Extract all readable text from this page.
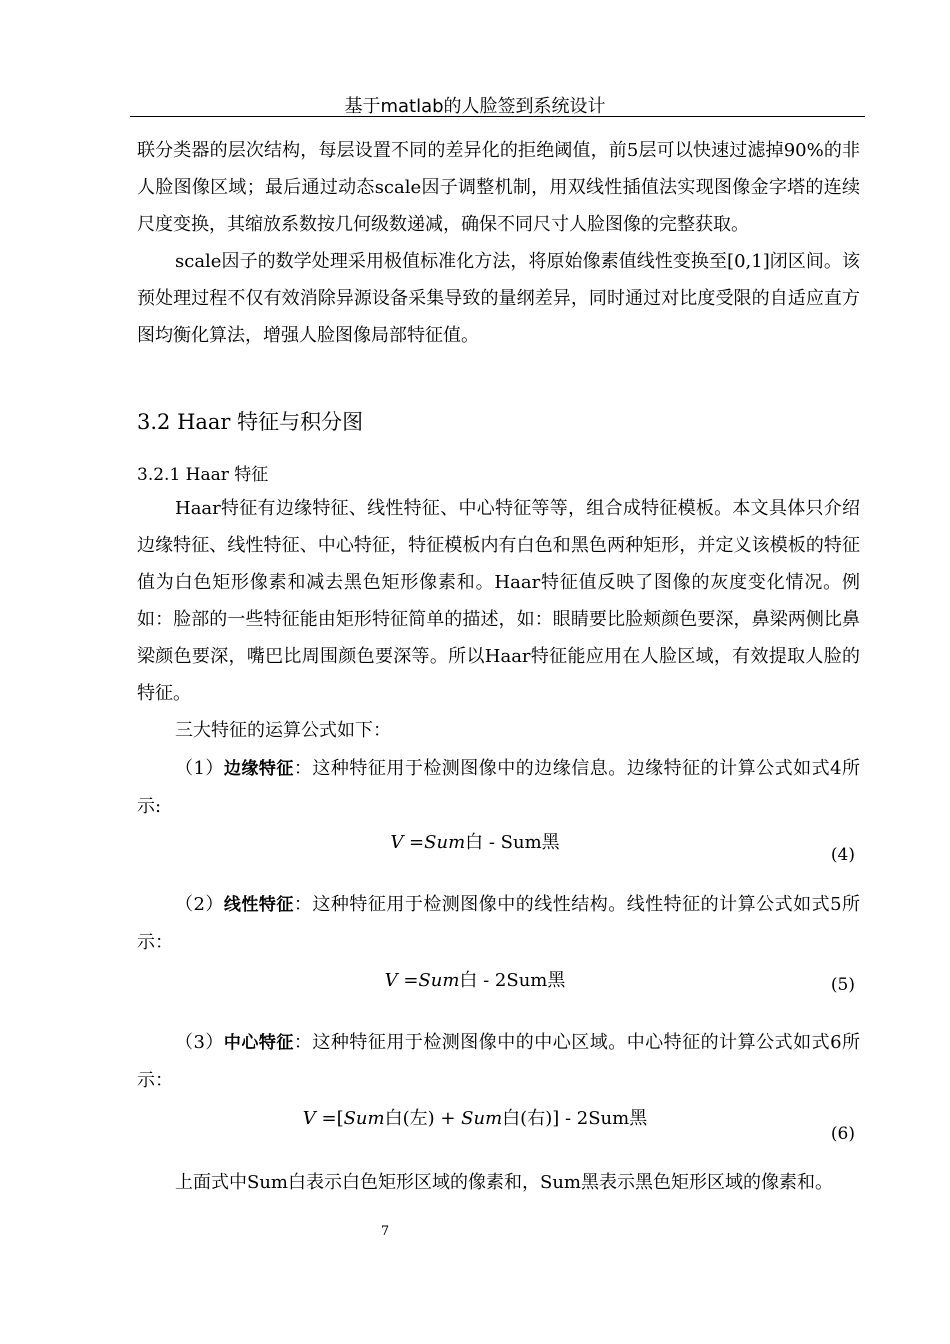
基于matlab的人脸签到系统设计

联分类器的层次结构，每层设置不同的差异化的拒绝阈值，前5层可以快速过滤掉90%的非人脸图像区域；最后通过动态scale因子调整机制，用双线性插值法实现图像金字塔的连续尺度变换，其缩放系数按几何级数递减，确保不同尺寸人脸图像的完整获取。

scale因子的数学处理采用极值标准化方法，将原始像素值线性变换至[0,1]闭区间。该预处理过程不仅有效消除异源设备采集导致的量纲差异，同时通过对比度受限的自适应直方图均衡化算法，增强人脸图像局部特征值。

3.2 Haar 特征与积分图
3.2.1 Haar 特征

Haar特征有边缘特征、线性特征、中心特征等等，组合成特征模板。本文具体只介绍边缘特征、线性特征、中心特征，特征模板内有白色和黑色两种矩形，并定义该模板的特征值为白色矩形像素和减去黑色矩形像素和。Haar特征值反映了图像的灰度变化情况。例如：脸部的一些特征能由矩形特征简单的描述，如：眼睛要比脸颊颜色要深，鼻梁两侧比鼻梁颜色要深，嘴巴比周围颜色要深等。所以Haar特征能应用在人脸区域，有效提取人脸的特征。

三大特征的运算公式如下：

（1）边缘特征：这种特征用于检测图像中的边缘信息。边缘特征的计算公式如式4所示:

V =Sum白 - Sum黑
(4)

（2）线性特征：这种特征用于检测图像中的线性结构。线性特征的计算公式如式5所示：

V =Sum白 - 2Sum黑	(5)

（3）中心特征：这种特征用于检测图像中的中心区域。中心特征的计算公式如式6所示：

V =[Sum白(左) + Sum白(右)] - 2Sum黑
(6)

上面式中Sum白表示白色矩形区域的像素和，Sum黑表示黑色矩形区域的像素和。

7
